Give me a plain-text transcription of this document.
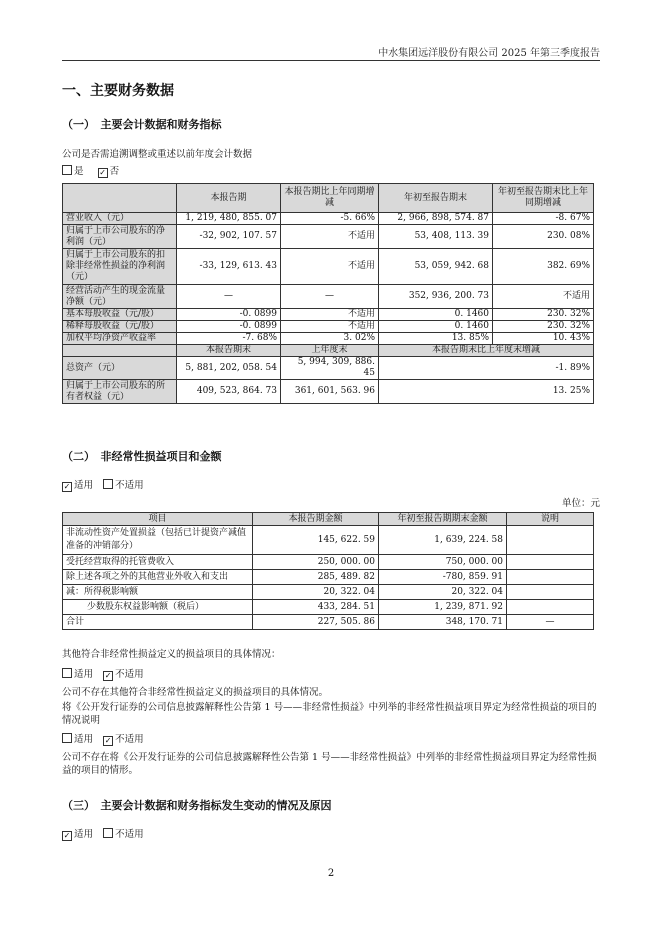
中水集团远洋股份有限公司 2025 年第三季度报告
一、主要财务数据
（一）　主要会计数据和财务指标
公司是否需追溯调整或重述以前年度会计数据
是 ✓ 否
	本报告期	本报告期比上年同期增减	年初至报告期末	年初至报告期末比上年同期增减
营业收入（元）	1, 219, 480, 855. 07	-5. 66%	2, 966, 898, 574. 87	-8. 67%
归属于上市公司股东的净利润（元）	-32, 902, 107. 57	不适用	53, 408, 113. 39	230. 08%
归属于上市公司股东的扣除非经常性损益的净利润（元）	-33, 129, 613. 43	不适用	53, 059, 942. 68	382. 69%
经营活动产生的现金流量净额（元）	—	—	352, 936, 200. 73	不适用
基本每股收益（元/股）	-0. 0899	不适用	0. 1460	230. 32%
稀释每股收益（元/股）	-0. 0899	不适用	0. 1460	230. 32%
加权平均净资产收益率	-7. 68%	3. 02%	13. 85%	10. 43%
	本报告期末	上年度末	本报告期末比上年度末增减	
总资产（元）	5, 881, 202, 058. 54	5, 994, 309, 886. 45	-1. 89%	
归属于上市公司股东的所有者权益（元）	409, 523, 864. 73	361, 601, 563. 96	13. 25%	
（二）　非经常性损益项目和金额
✓ 适用 不适用
单位：元
项目	本报告期金额	年初至报告期期末金额	说明
非流动性资产处置损益（包括已计提资产减值准备的冲销部分）	145, 622. 59	1, 639, 224. 58	
受托经营取得的托管费收入	250, 000. 00	750, 000. 00	
除上述各项之外的其他营业外收入和支出	285, 489. 82	-780, 859. 91	
减：所得税影响额	20, 322. 04	20, 322. 04	
少数股东权益影响额（税后）	433, 284. 51	1, 239, 871. 92	
合计	227, 505. 86	348, 170. 71	—
其他符合非经常性损益定义的损益项目的具体情况：
适用 ✓ 不适用
公司不存在其他符合非经常性损益定义的损益项目的具体情况。
将《公开发行证券的公司信息披露解释性公告第 1 号——非经常性损益》中列举的非经常性损益项目界定为经常性损益的项目的情况说明
适用 ✓ 不适用
公司不存在将《公开发行证券的公司信息披露解释性公告第 1 号——非经常性损益》中列举的非经常性损益项目界定为经常性损益的项目的情形。
（三）　主要会计数据和财务指标发生变动的情况及原因
✓ 适用 不适用
2
